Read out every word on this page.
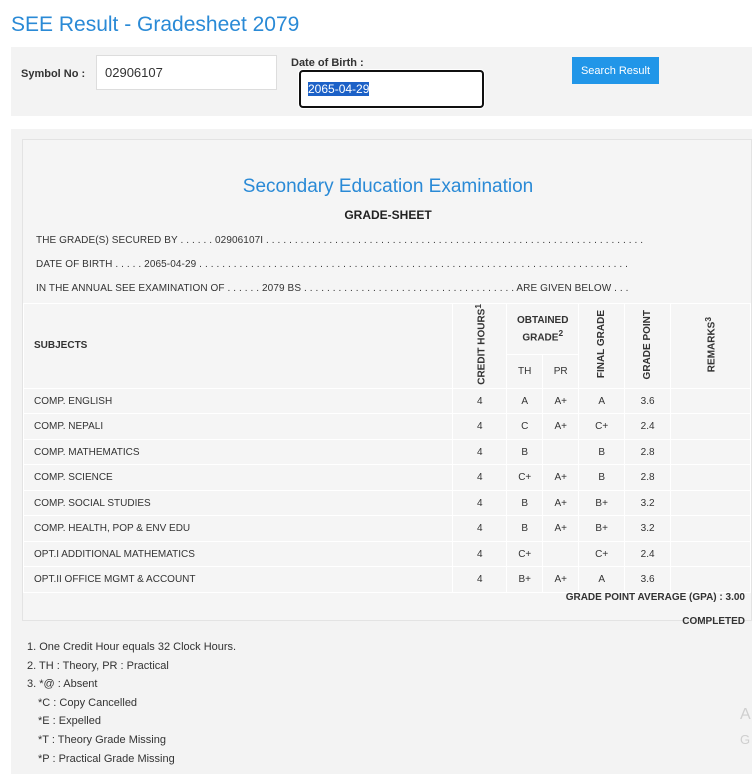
SEE Result - Gradesheet 2079
Symbol No :
02906107
Date of Birth :
2065-04-29
Search Result
Secondary Education Examination
GRADE-SHEET
THE GRADE(S) SECURED BY . . . . . . 02906107I . . . . . . . . . . . . . . . . . . . . . . . . . . . . . . . . . . . . . . . . . . . . . . . . . . . . . . . . . . . . . . . . . .
DATE OF BIRTH . . . . . 2065-04-29 . . . . . . . . . . . . . . . . . . . . . . . . . . . . . . . . . . . . . . . . . . . . . . . . . . . . . . . . . . . . . . . . . . . . . . . . . . .
IN THE ANNUAL SEE EXAMINATION OF . . . . . . 2079 BS . . . . . . . . . . . . . . . . . . . . . . . . . . . . . . . . . . . . . ARE GIVEN BELOW . . .
SUBJECTS	CREDIT HOURS$^1$	OBTAINED GRADE$^2$		FINAL GRADE	GRADE POINT	REMARKS$^3$
		TH	PR			
COMP. ENGLISH	4	A	A+	A	3.6	
COMP. NEPALI	4	C	A+	C+	2.4	
COMP. MATHEMATICS	4	B		B	2.8	
COMP. SCIENCE	4	C+	A+	B	2.8	
COMP. SOCIAL STUDIES	4	B	A+	B+	3.2	
COMP. HEALTH, POP & ENV EDU	4	B	A+	B+	3.2	
OPT.I ADDITIONAL MATHEMATICS	4	C+		C+	2.4	
OPT.II OFFICE MGMT & ACCOUNT	4	B+	A+	A	3.6	
GRADE POINT AVERAGE (GPA) : 3.00
COMPLETED
1. One Credit Hour equals 32 Clock Hours.
2. TH : Theory, PR : Practical
3. *@ : Absent
*C : Copy Cancelled
*E : Expelled
*T : Theory Grade Missing
*P : Practical Grade Missing
A
G
